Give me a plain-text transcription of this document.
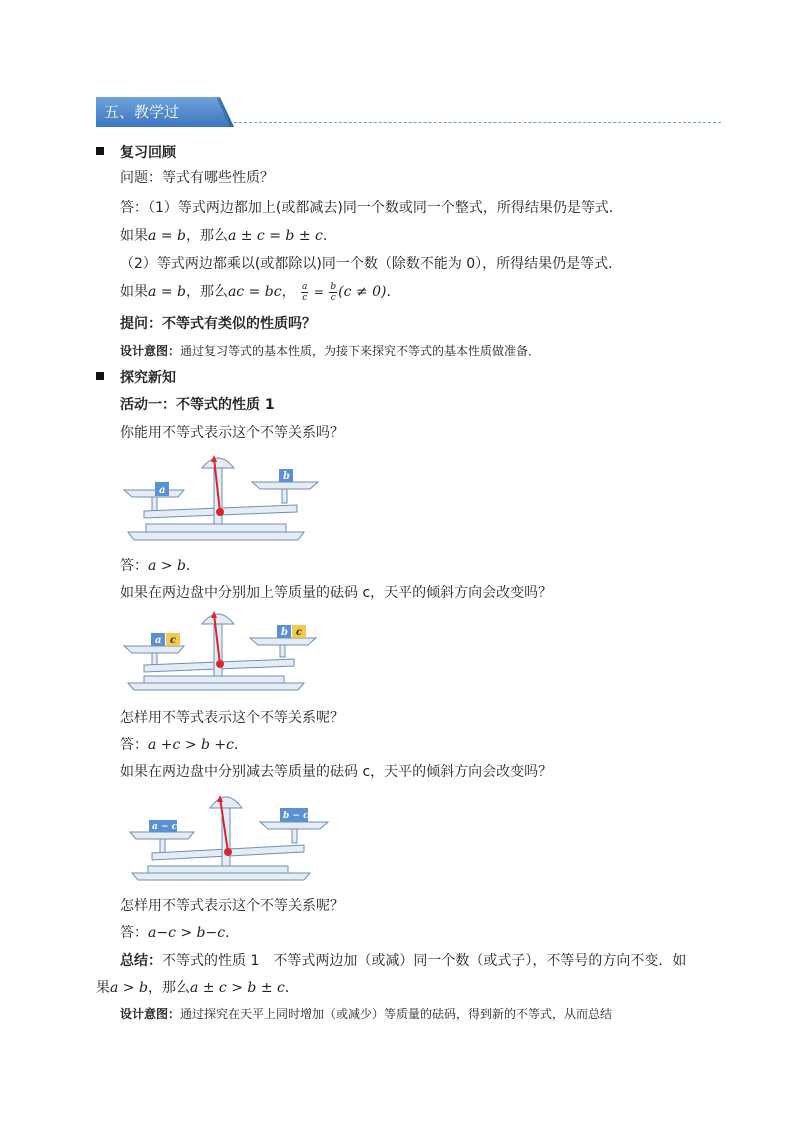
五、教学过
复习回顾
问题：等式有哪些性质？
答：（1）等式两边都加上(或都减去)同一个数或同一个整式，所得结果仍是等式．
如果a = b，那么a ± c = b ± c．
（2）等式两边都乘以(或都除以)同一个数（除数不能为 0），所得结果仍是等式．
如果a = b，那么ac = bc， $\frac{a}{c} = \frac{b}{c} (c \ne 0)$．
提问：不等式有类似的性质吗？
设计意图：通过复习等式的基本性质，为接下来探究不等式的基本性质做准备．
探究新知
活动一：不等式的性质 1
你能用不等式表示这个不等关系吗？
a
b
答：a > b．
如果在两边盘中分别加上等质量的砝码 c，天平的倾斜方向会改变吗？
a c
b c
怎样用不等式表示这个不等关系呢？
答：a +c > b +c．
如果在两边盘中分别减去等质量的砝码 c，天平的倾斜方向会改变吗？
a − c
b − c
怎样用不等式表示这个不等关系呢？
答：a−c > b−c．
总结：不等式的性质 1　不等式两边加（或减）同一个数（或式子），不等号的方向不变．如
果a > b，那么a ± c > b ± c．
设计意图：通过探究在天平上同时增加（或减少）等质量的砝码，得到新的不等式，从而总结
